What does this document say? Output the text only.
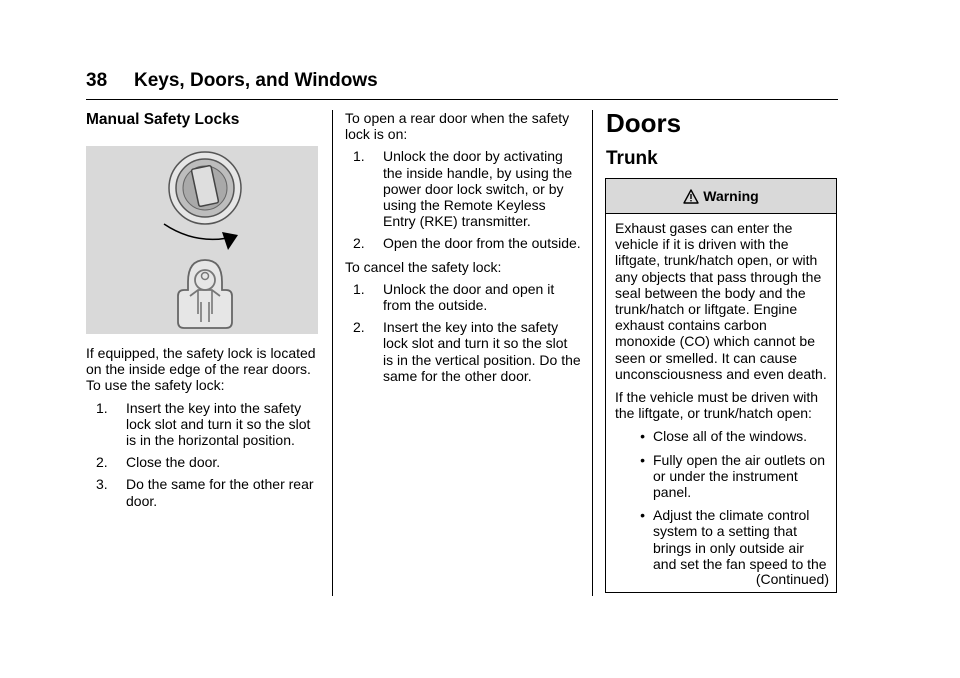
38 Keys, Doors, and Windows
Manual Safety Locks

If equipped, the safety lock is located on the inside edge of the rear doors. To use the safety lock:

1.	Insert the key into the safety lock slot and turn it so the slot is in the horizontal position.
2.	Close the door.
3.	Do the same for the other rear door.

To open a rear door when the safety lock is on:

1.	Unlock the door by activating the inside handle, by using the power door lock switch, or by using the Remote Keyless Entry (RKE) transmitter.
2.	Open the door from the outside.

To cancel the safety lock:

1.	Unlock the door and open it from the outside.
2.	Insert the key into the safety lock slot and turn it so the slot is in the vertical position. Do the same for the other door.
Doors
Trunk
Warning

Exhaust gases can enter the vehicle if it is driven with the liftgate, trunk/hatch open, or with any objects that pass through the seal between the body and the trunk/hatch or liftgate. Engine exhaust contains carbon monoxide (CO) which cannot be seen or smelled. It can cause unconsciousness and even death.

If the vehicle must be driven with the liftgate, or trunk/hatch open:

• Close all of the windows.
• Fully open the air outlets on or under the instrument panel.
• Adjust the climate control system to a setting that brings in only outside air and set the fan speed to the
(Continued)
